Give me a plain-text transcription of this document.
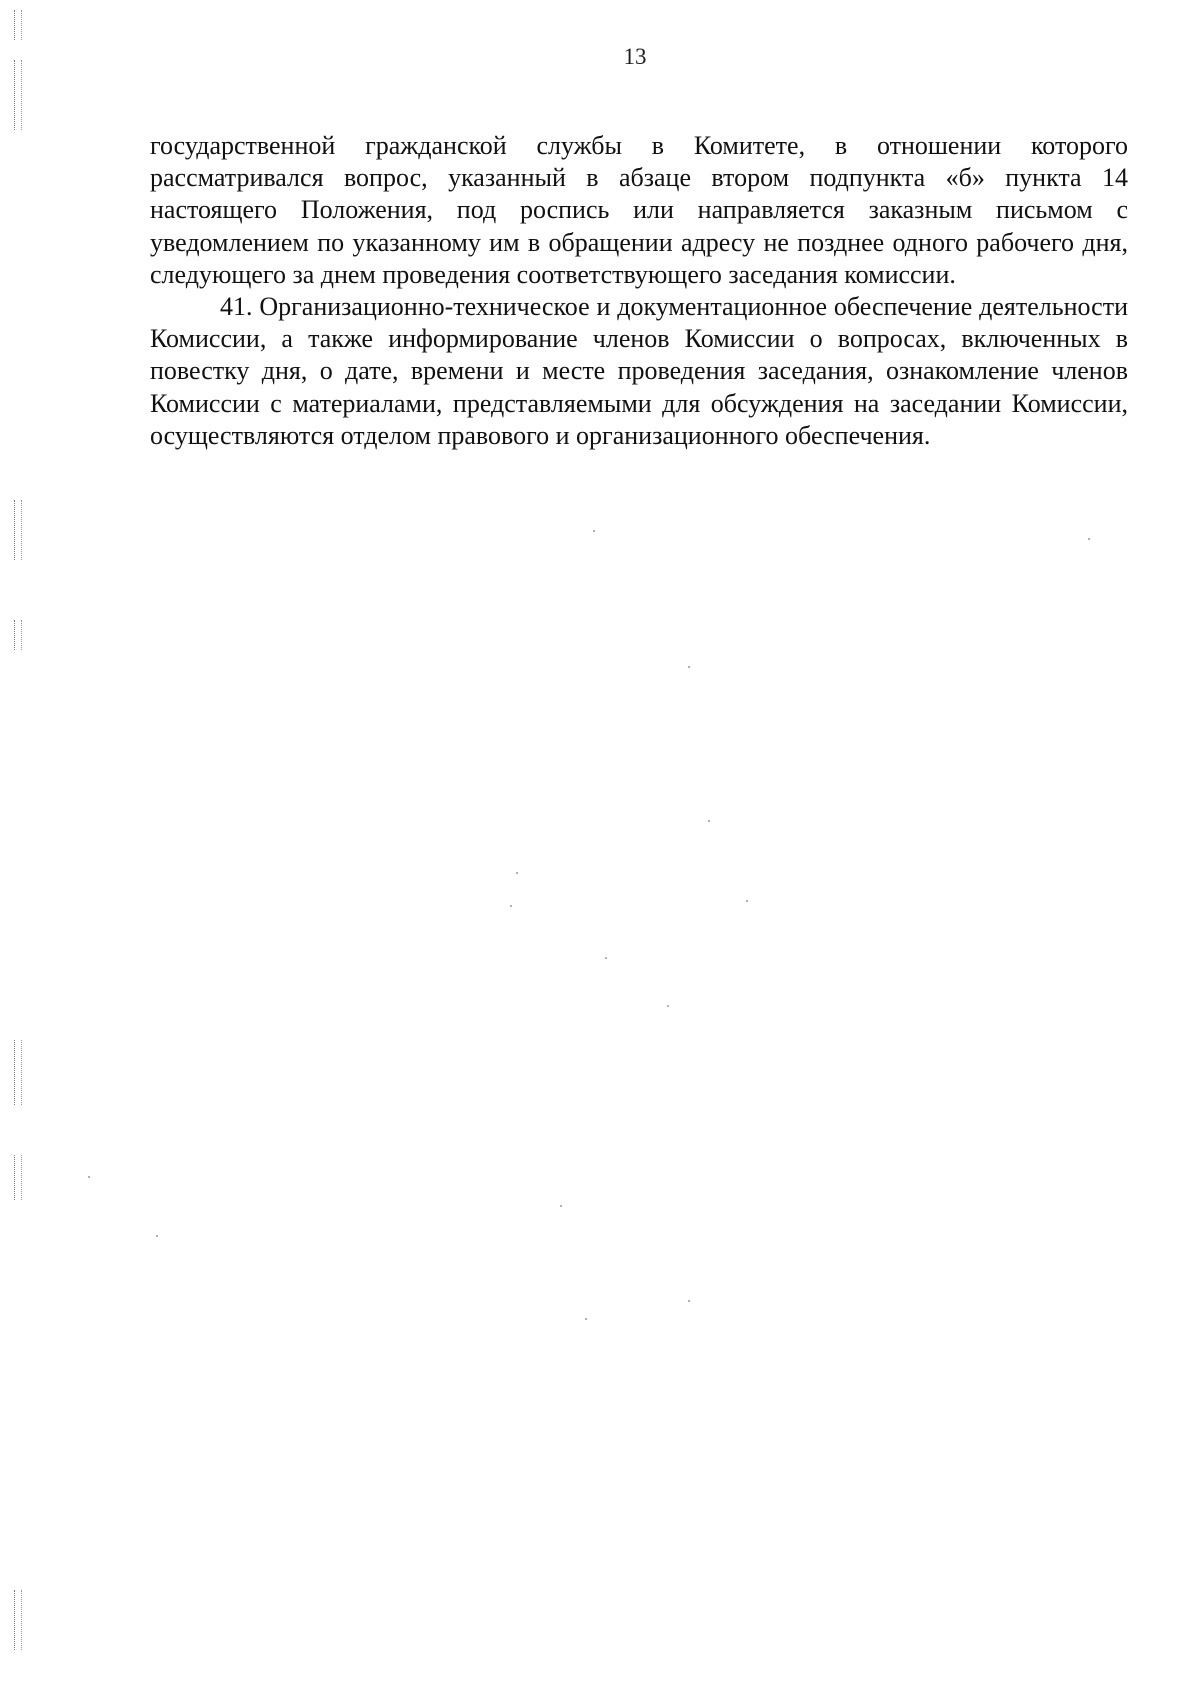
13

государственной гражданской службы в Комитете, в отношении которого рассматривался вопрос, указанный в абзаце втором подпункта «б» пункта 14 настоящего Положения, под роспись или направляется заказным письмом с уведомлением по указанному им в обращении адресу не позднее одного рабочего дня, следующего за днем проведения соответствующего заседания комиссии.

41. Организационно-техническое и документационное обеспечение деятельности Комиссии, а также информирование членов Комиссии о вопросах, включенных в повестку дня, о дате, времени и месте проведения заседания, ознакомление членов Комиссии с материалами, представляемыми для обсуждения на заседании Комиссии, осуществляются отделом правового и организационного обеспечения.
